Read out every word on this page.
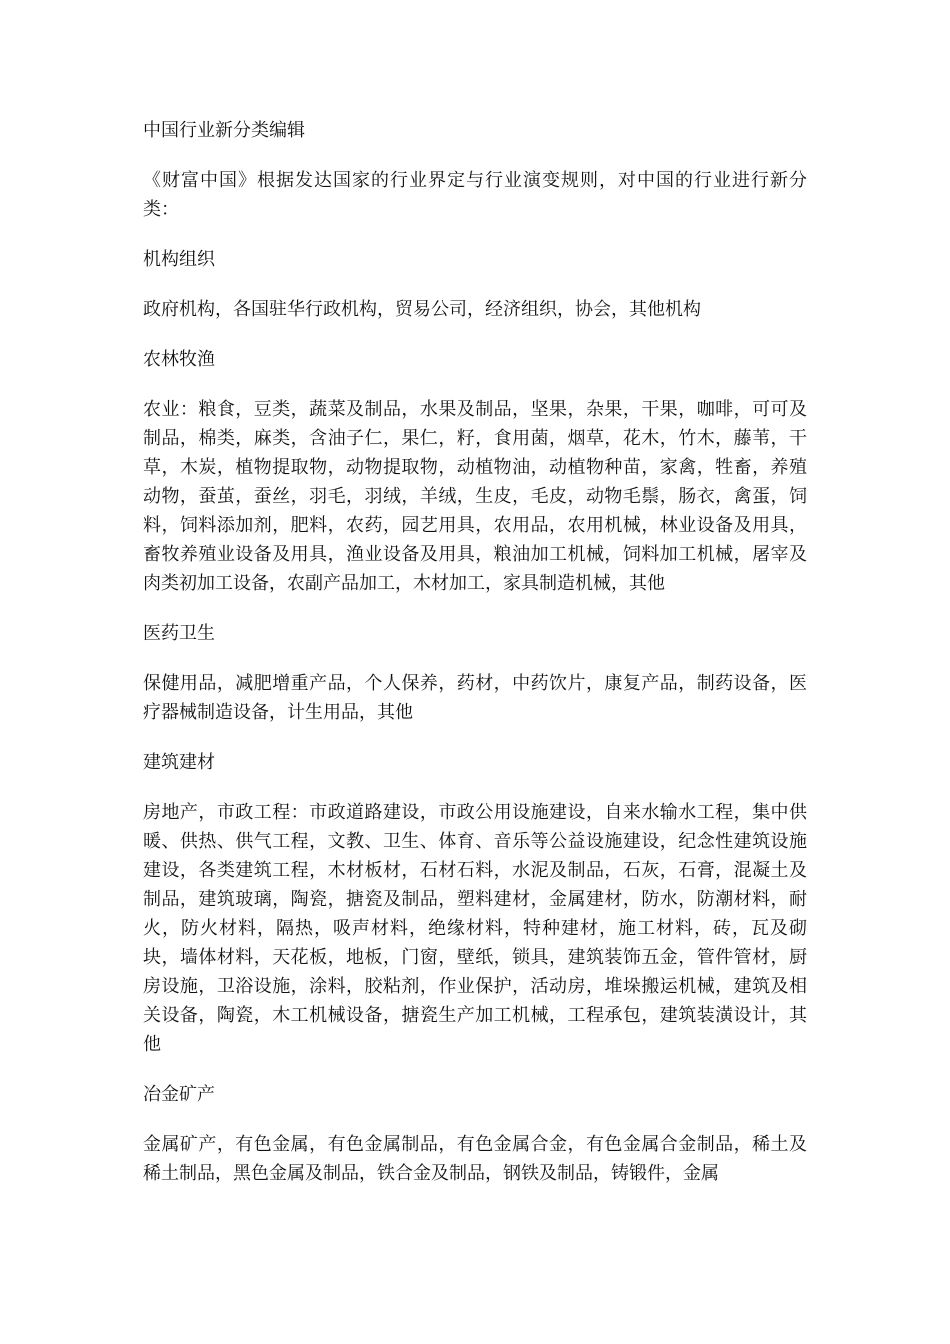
中国行业新分类编辑

《财富中国》根据发达国家的行业界定与行业演变规则，对中国的行业进行新分类：

机构组织

政府机构，各国驻华行政机构，贸易公司，经济组织，协会，其他机构

农林牧渔

农业：粮食，豆类，蔬菜及制品，水果及制品，坚果，杂果，干果，咖啡，可可及制品，棉类，麻类，含油子仁，果仁，籽，食用菌，烟草，花木，竹木，藤苇，干草，木炭，植物提取物，动物提取物，动植物油，动植物种苗，家禽，牲畜，养殖动物，蚕茧，蚕丝，羽毛，羽绒，羊绒，生皮，毛皮，动物毛鬃，肠衣，禽蛋，饲料，饲料添加剂，肥料，农药，园艺用具，农用品，农用机械，林业设备及用具，畜牧养殖业设备及用具，渔业设备及用具，粮油加工机械，饲料加工机械，屠宰及肉类初加工设备，农副产品加工，木材加工，家具制造机械，其他

医药卫生

保健用品，减肥增重产品，个人保养，药材，中药饮片，康复产品，制药设备，医疗器械制造设备，计生用品，其他

建筑建材

房地产，市政工程：市政道路建设，市政公用设施建设，自来水输水工程，集中供暖、供热、供气工程，文教、卫生、体育、音乐等公益设施建设，纪念性建筑设施建设，各类建筑工程，木材板材，石材石料，水泥及制品，石灰，石膏，混凝土及制品，建筑玻璃，陶瓷，搪瓷及制品，塑料建材，金属建材，防水，防潮材料，耐火，防火材料，隔热，吸声材料，绝缘材料，特种建材，施工材料，砖，瓦及砌块，墙体材料，天花板，地板，门窗，壁纸，锁具，建筑装饰五金，管件管材，厨房设施，卫浴设施，涂料，胶粘剂，作业保护，活动房，堆垛搬运机械，建筑及相关设备，陶瓷，木工机械设备，搪瓷生产加工机械，工程承包，建筑装潢设计，其他

冶金矿产

金属矿产，有色金属，有色金属制品，有色金属合金，有色金属合金制品，稀土及稀土制品，黑色金属及制品，铁合金及制品，钢铁及制品，铸锻件，金属
